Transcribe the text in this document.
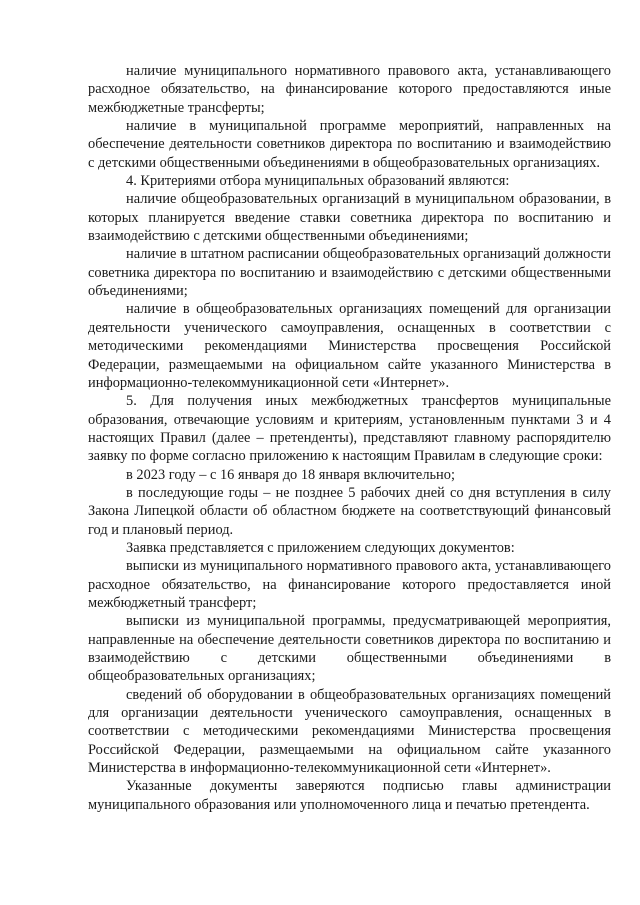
наличие муниципального нормативного правового акта, устанавливающего расходное обязательство, на финансирование которого предоставляются иные межбюджетные трансферты;

наличие в муниципальной программе мероприятий, направленных на обеспечение деятельности советников директора по воспитанию и взаимодействию с детскими общественными объединениями в общеобразовательных организациях.

4. Критериями отбора муниципальных образований являются:

наличие общеобразовательных организаций в муниципальном образовании, в которых планируется введение ставки советника директора по воспитанию и взаимодействию с детскими общественными объединениями;

наличие в штатном расписании общеобразовательных организаций должности советника директора по воспитанию и взаимодействию с детскими общественными объединениями;

наличие в общеобразовательных организациях помещений для организации деятельности ученического самоуправления, оснащенных в соответствии с методическими рекомендациями Министерства просвещения Российской Федерации, размещаемыми на официальном сайте указанного Министерства в информационно-телекоммуникационной сети «Интернет».

5. Для получения иных межбюджетных трансфертов муниципальные образования, отвечающие условиям и критериям, установленным пунктами 3 и 4 настоящих Правил (далее – претенденты), представляют главному распорядителю заявку по форме согласно приложению к настоящим Правилам в следующие сроки:

в 2023 году – с 16 января до 18 января включительно;

в последующие годы – не позднее 5 рабочих дней со дня вступления в силу Закона Липецкой области об областном бюджете на соответствующий финансовый год и плановый период.

Заявка представляется с приложением следующих документов:

выписки из муниципального нормативного правового акта, устанавливающего расходное обязательство, на финансирование которого предоставляется иной межбюджетный трансферт;

выписки из муниципальной программы, предусматривающей мероприятия, направленные на обеспечение деятельности советников директора по воспитанию и взаимодействию с детскими общественными объединениями в общеобразовательных организациях;

сведений об оборудовании в общеобразовательных организациях помещений для организации деятельности ученического самоуправления, оснащенных в соответствии с методическими рекомендациями Министерства просвещения Российской Федерации, размещаемыми на официальном сайте указанного Министерства в информационно-телекоммуникационной сети «Интернет».

Указанные документы заверяются подписью главы администрации муниципального образования или уполномоченного лица и печатью претендента.
